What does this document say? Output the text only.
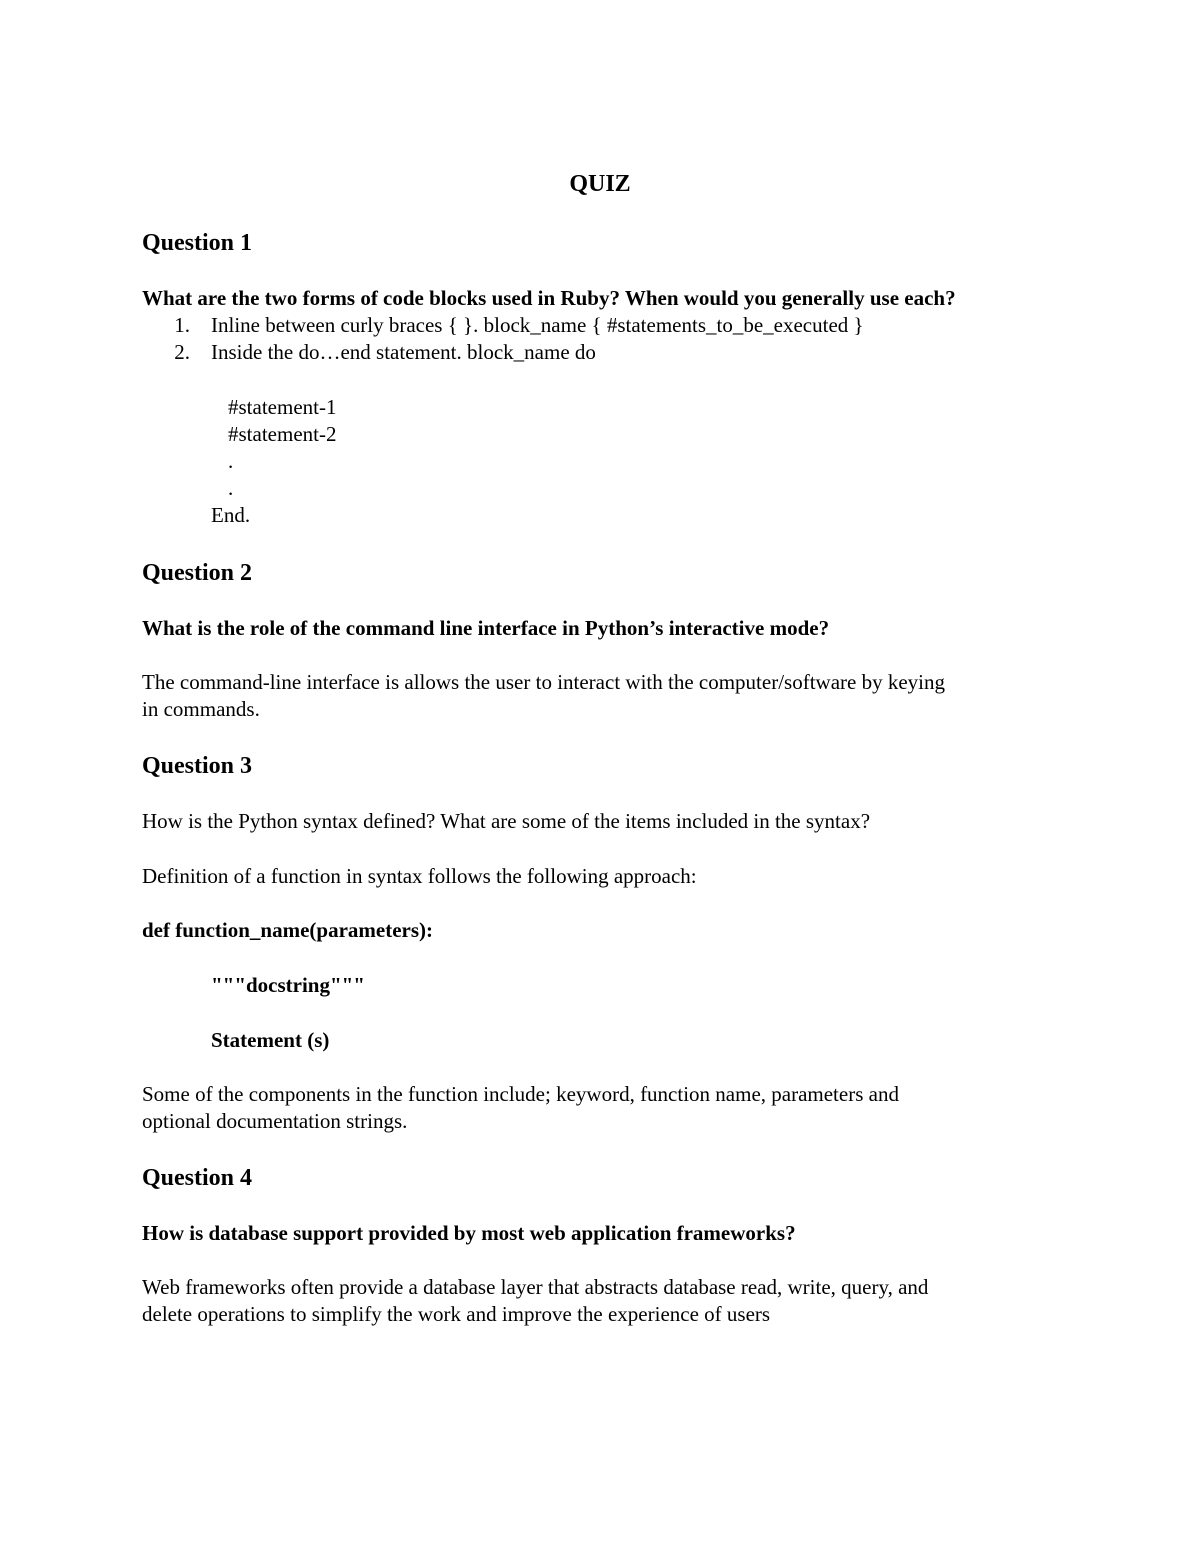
QUIZ

Question 1

What are the two forms of code blocks used in Ruby? When would you generally use each?

1. Inline between curly braces { }. block_name { #statements_to_be_executed }

2. Inside the do…end statement. block_name do

#statement-1

#statement-2

.

.

End.

Question 2

What is the role of the command line interface in Python’s interactive mode?

The command-line interface is allows the user to interact with the computer/software by keying

in commands.

Question 3

How is the Python syntax defined? What are some of the items included in the syntax?

Definition of a function in syntax follows the following approach:

def function_name(parameters):

"""docstring"""

Statement (s)

Some of the components in the function include; keyword, function name, parameters and

optional documentation strings.

Question 4

How is database support provided by most web application frameworks?

Web frameworks often provide a database layer that abstracts database read, write, query, and

delete operations to simplify the work and improve the experience of users
